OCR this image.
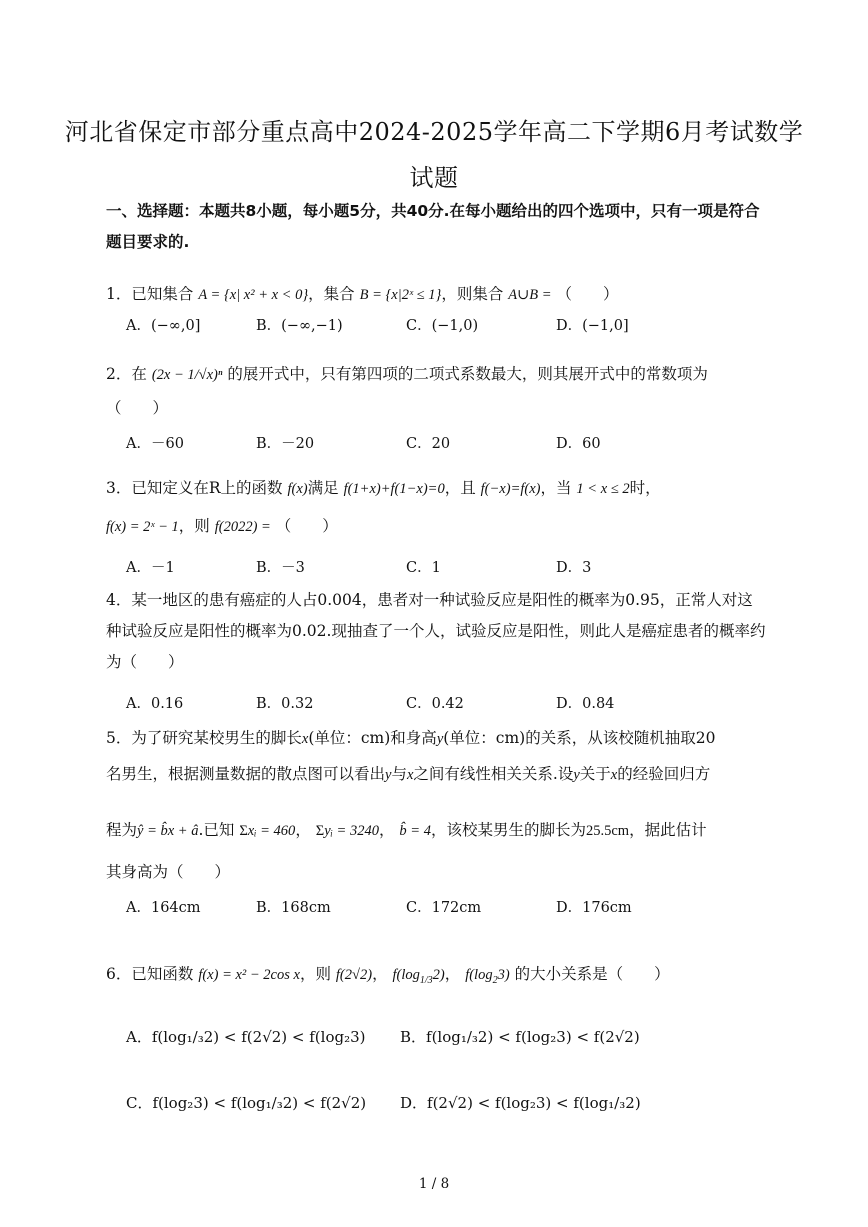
河北省保定市部分重点高中2024-2025学年高二下学期6月考试数学
试题
一、选择题：本题共8小题，每小题5分，共40分.在每小题给出的四个选项中，只有一项是符合题目要求的.
1．已知集合 A = {x| x² + x < 0}，集合 B = {x|2ˣ ≤ 1}，则集合 A∪B = （　　）
A．(−∞,0]	B．(−∞,−1)	C．(−1,0)	D．(−1,0]
2．在 (2x − 1/√x)ⁿ 的展开式中，只有第四项的二项式系数最大，则其展开式中的常数项为
（　　）
A．－60	B．－20	C．20	D．60
3．已知定义在R上的函数 f(x)满足 f(1+x)+f(1−x)=0，且 f(−x)=f(x)，当 1 < x ≤ 2时，
f(x) = 2ˣ − 1，则 f(2022) = （　　）
A．－1	B．－3	C．1	D．3
4．某一地区的患有癌症的人占0.004，患者对一种试验反应是阳性的概率为0.95，正常人对这种试验反应是阳性的概率为0.02.现抽查了一个人，试验反应是阳性，则此人是癌症患者的概率约为（　　）
A．0.16	B．0.32	C．0.42	D．0.84
5．为了研究某校男生的脚长x(单位：cm)和身高y(单位：cm)的关系，从该校随机抽取20
名男生，根据测量数据的散点图可以看出y与x之间有线性相关关系.设y关于x的经验回归方
程为ŷ = b̂x + â.已知 Σxᵢ = 460， Σyᵢ = 3240， b̂ = 4，该校某男生的脚长为25.5cm，据此估计
其身高为（　　）
A．164cm	B．168cm	C．172cm	D．176cm
6．已知函数 f(x) = x² − 2cos x，则 f(2√2)， $f(\log_{1/3}2)$， $f(\log_23)$ 的大小关系是（　　）
A．f(log₁/₃2) < f(2√2) < f(log₂3) B．f(log₁/₃2) < f(log₂3) < f(2√2)
C．f(log₂3) < f(log₁/₃2) < f(2√2) D．f(2√2) < f(log₂3) < f(log₁/₃2)
1 / 8
